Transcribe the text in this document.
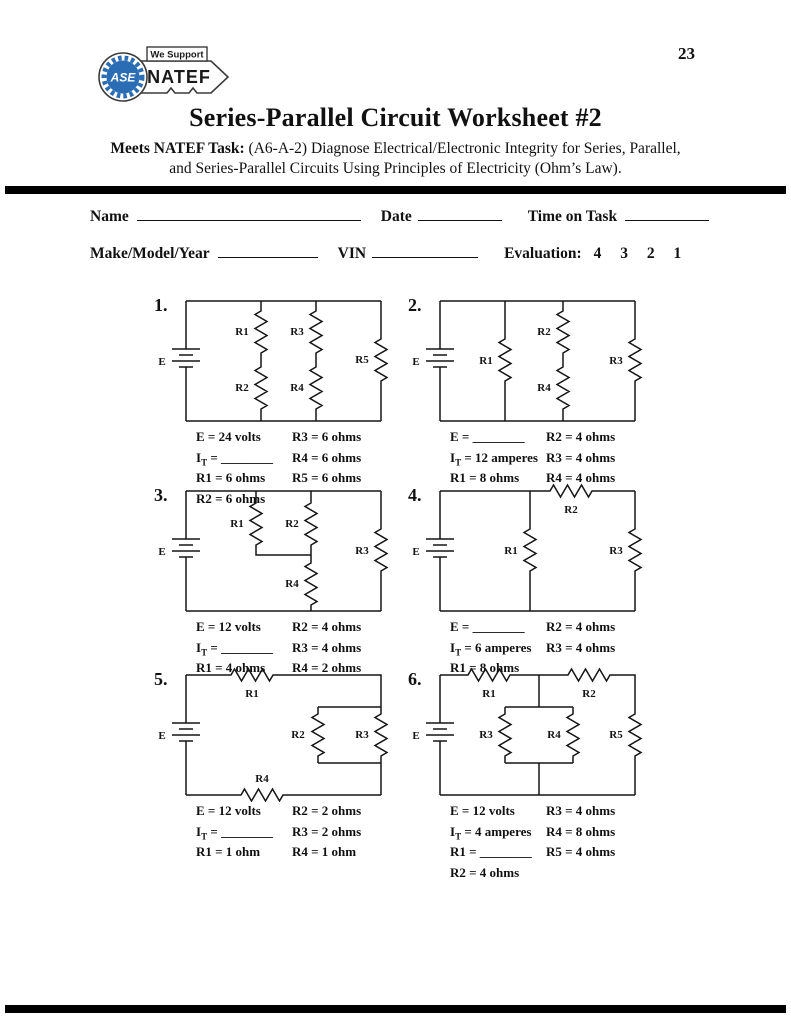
23
We Support
NATEF
ASE
Series-Parallel Circuit Worksheet #2
Meets NATEF Task: (A6-A-2) Diagnose Electrical/Electronic Integrity for Series, Parallel,
and Series-Parallel Circuits Using Principles of Electricity (Ohm’s Law).
Name	Date	Time on Task
Make/Model/Year	VIN	Evaluation: 4 3 2 1
1.
E
R1
R2
R3
R4
R5
E = 24 volts
$I_T$ = ________
R1 = 6 ohms
R2 = 6 ohms
R3 = 6 ohms
R4 = 6 ohms
R5 = 6 ohms
2.
E	R1
R2
R4
R3
E = ________
$I_T = 12$ amperes
R1 = 8 ohms
R2 = 4 ohms
R3 = 4 ohms
R4 = 4 ohms
3.
E
R1	R2
R4
R3
E = 12 volts
$I_T$ = ________
R1 = 4 ohms
R2 = 4 ohms
R3 = 4 ohms
R4 = 2 ohms
4.
E	R1
R2
R3
E = ________
$I_T = 6$ amperes
R1 = 8 ohms
R2 = 4 ohms
R3 = 4 ohms
5.
E
R1
R2	R3
R4
E = 12 volts
$I_T$ = ________
R1 = 1 ohm
R2 = 2 ohms
R3 = 2 ohms
R4 = 1 ohm
6.
E
R1	R2
R3	R4	R5
E = 12 volts
$I_T = 4$ amperes
R1 = ________
R2 = 4 ohms
R3 = 4 ohms
R4 = 8 ohms
R5 = 4 ohms
